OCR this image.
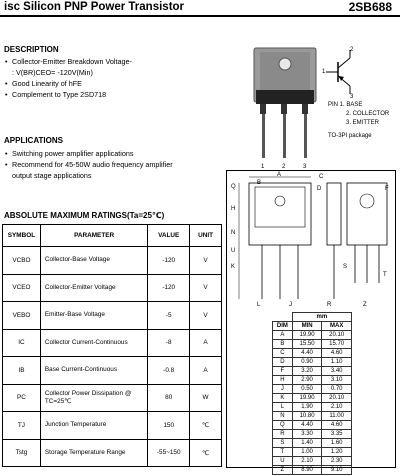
isc Silicon PNP Power Transistor	2SB688
DESCRIPTION
• Collector-Emitter Breakdown Voltage-
: V(BR)CEO= -120V(Min)
• Good Linearity of hFE
• Complement to Type 2SD718
APPLICATIONS
• Switching power amplifier applications
• Recommend for 45-50W audio frequency amplifier
output stage applications
2
1
3
PIN 1. BASE
2. COLLECTOR
3. EMITTER
TO-3PI package
1	2	3
ABSOLUTE MAXIMUM RATINGS(Ta=25℃)
SYMBOL	PARAMETER	VALUE	UNIT
VCBO	Collector-Base Voltage	-120	V
VCEO	Collector-Emitter Voltage	-120	V
VEBO	Emitter-Base Voltage	-5	V
IC	Collector Current-Continuous	-8	A
IB	Base Current-Continuous	-0.8	A
PC	Collector Power Dissipation @ TC=25℃	80	W
TJ	Junction Temperature	150	℃
Tstg	Storage Temperature Range	-55~150	℃
A
B
C
D
Q
H
N
K
U
F
S
T
L	J	R	Z
	mm	
DIM	MIN	MAX
A	19.90	20.10
B	15.50	15.70
C	4.40	4.60
D	0.90	1.10
F	3.20	3.40
H	2.90	3.10
J	0.50	0.70
K	19.90	20.10
L	1.90	2.10
N	10.80	11.00
Q	4.40	4.60
R	3.30	3.35
S	1.40	1.60
T	1.00	1.20
U	2.10	2.30
Z	8.90	9.10
